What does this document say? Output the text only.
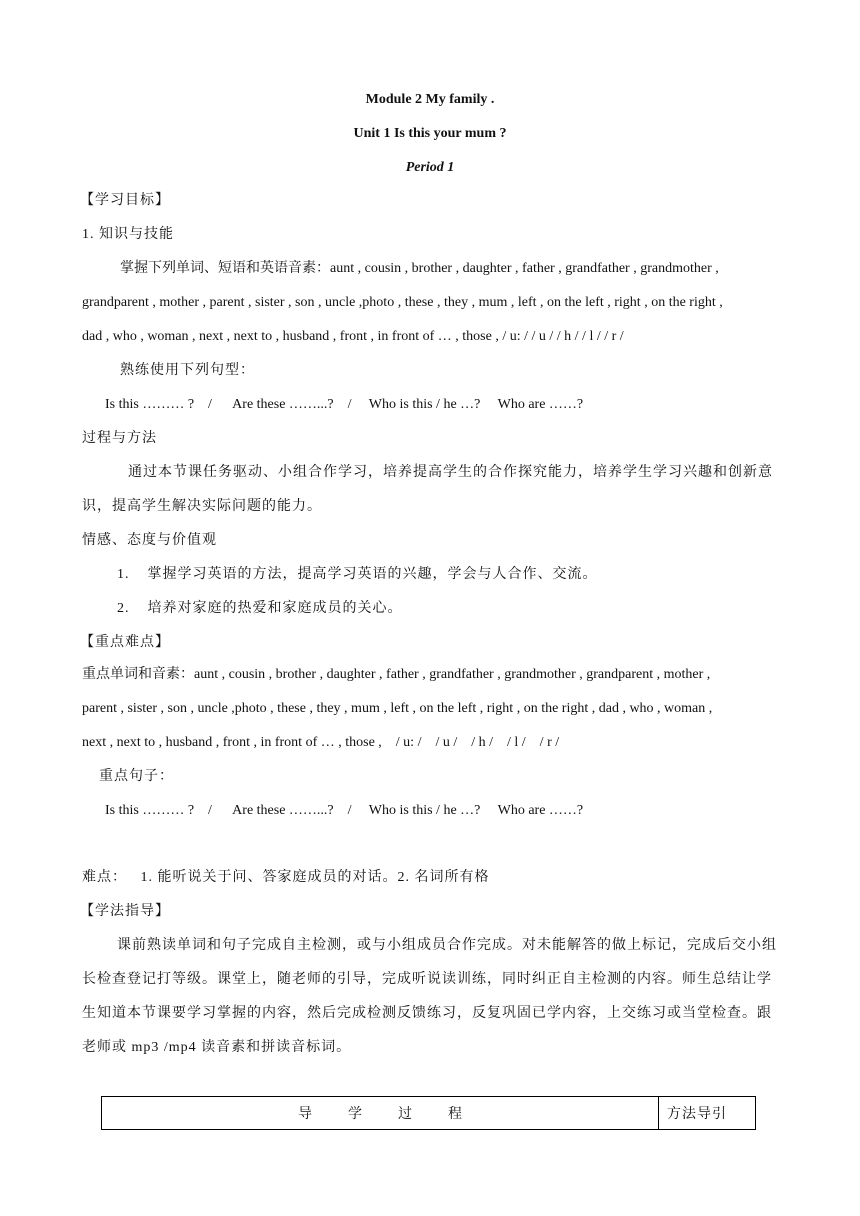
Module 2 My family .
Unit 1 Is this your mum ?
Period 1
【学习目标】
1. 知识与技能
掌握下列单词、短语和英语音素：aunt , cousin , brother , daughter , father , grandfather , grandmother ,
grandparent , mother , parent , sister , son , uncle ,photo , these , they , mum , left , on the left , right , on the right ,
dad , who , woman , next , next to , husband , front , in front of … , those , / u: / / u / / h / / l / / r /
熟练使用下列句型：
Is this ……… ?    /      Are these ……...?    /     Who is this / he …?     Who are ……?
过程与方法
通过本节课任务驱动、小组合作学习，培养提高学生的合作探究能力，培养学生学习兴趣和创新意
识，提高学生解决实际问题的能力。
情感、态度与价值观
1.    掌握学习英语的方法，提高学习英语的兴趣，学会与人合作、交流。
2.    培养对家庭的热爱和家庭成员的关心。
【重点难点】
重点单词和音素：aunt , cousin , brother , daughter , father , grandfather , grandmother , grandparent , mother ,
parent , sister , son , uncle ,photo , these , they , mum , left , on the left , right , on the right , dad , who , woman ,
next , next to , husband , front , in front of … , those ,    / u: /    / u /    / h /    / l /    / r /
重点句子：
Is this ……… ?    /      Are these ……...?    /     Who is this / he …?     Who are ……?
难点：   1. 能听说关于问、答家庭成员的对话。2. 名词所有格
【学法指导】
课前熟读单词和句子完成自主检测，或与小组成员合作完成。对未能解答的做上标记，完成后交小组
长检查登记打等级。课堂上，随老师的引导，完成听说读训练，同时纠正自主检测的内容。师生总结让学
生知道本节课要学习掌握的内容，然后完成检测反馈练习，反复巩固已学内容，上交练习或当堂检查。跟
老师或 mp3 /mp4 读音素和拼读音标词。
导学过程	方法导引
